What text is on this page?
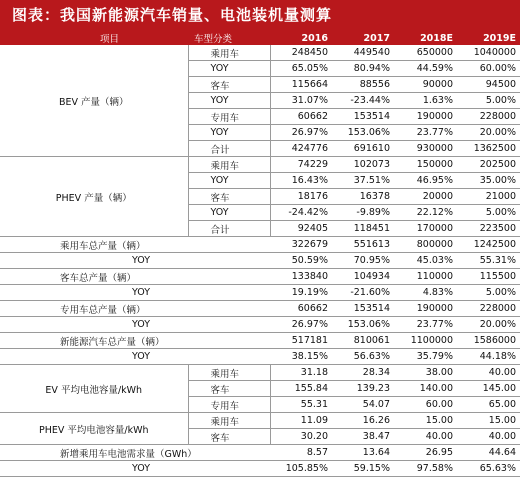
图表：我国新能源汽车销量、电池装机量测算
项目	车型分类	2016	2017	2018E	2019E
BEV 产量（辆）	乘用车	248450	449540	650000	1040000
	YOY	65.05%	80.94%	44.59%	60.00%
	客车	115664	88556	90000	94500
	YOY	31.07%	-23.44%	1.63%	5.00%
	专用车	60662	153514	190000	228000
	YOY	26.97%	153.06%	23.77%	20.00%
	合计	424776	691610	930000	1362500
PHEV 产量（辆）	乘用车	74229	102073	150000	202500
	YOY	16.43%	37.51%	46.95%	35.00%
	客车	18176	16378	20000	21000
	YOY	-24.42%	-9.89%	22.12%	5.00%
	合计	92405	118451	170000	223500
乘用车总产量（辆）		322679	551613	800000	1242500
YOY		50.59%	70.95%	45.03%	55.31%
客车总产量（辆）		133840	104934	110000	115500
YOY		19.19%	-21.60%	4.83%	5.00%
专用车总产量（辆）		60662	153514	190000	228000
YOY		26.97%	153.06%	23.77%	20.00%
新能源汽车总产量（辆）		517181	810061	1100000	1586000
YOY		38.15%	56.63%	35.79%	44.18%
EV 平均电池容量/kWh	乘用车	31.18	28.34	38.00	40.00
	客车	155.84	139.23	140.00	145.00
	专用车	55.31	54.07	60.00	65.00
PHEV 平均电池容量/kWh	乘用车	11.09	16.26	15.00	15.00
	客车	30.20	38.47	40.00	40.00
新增乘用车电池需求量（GWh）		8.57	13.64	26.95	44.64
YOY		105.85%	59.15%	97.58%	65.63%
